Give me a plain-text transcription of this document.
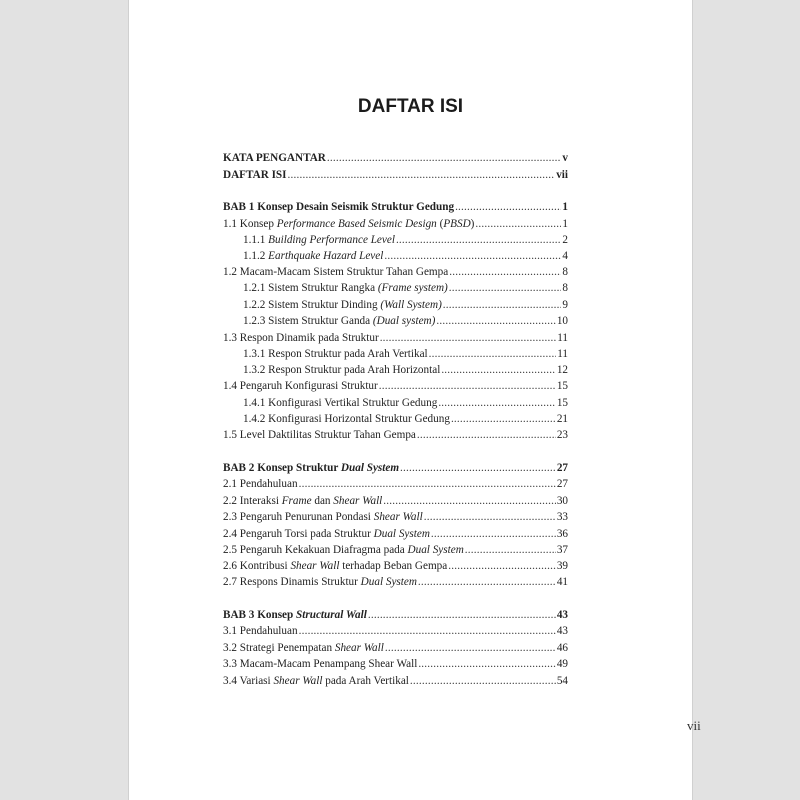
DAFTAR ISI
vii
KATA PENGANTAR .....	v
DAFTAR ISI .....	vii
BAB 1 Konsep Desain Seismik Struktur Gedung .....	1
1.1 Konsep Performance Based Seismic Design (PBSD) .....	1
1.1.1 Building Performance Level .....	2
1.1.2 Earthquake Hazard Level .....	4
1.2 Macam-Macam Sistem Struktur Tahan Gempa .....	8
1.2.1 Sistem Struktur Rangka (Frame system) .....	8
1.2.2 Sistem Struktur Dinding (Wall System) .....	9
1.2.3 Sistem Struktur Ganda (Dual system) .....	10
1.3 Respon Dinamik pada Struktur .....	11
1.3.1 Respon Struktur pada Arah Vertikal .....	11
1.3.2 Respon Struktur pada Arah Horizontal .....	12
1.4 Pengaruh Konfigurasi Struktur .....	15
1.4.1 Konfigurasi Vertikal Struktur Gedung .....	15
1.4.2 Konfigurasi Horizontal Struktur Gedung .....	21
1.5 Level Daktilitas Struktur Tahan Gempa .....	23
BAB 2 Konsep Struktur Dual System .....	27
2.1 Pendahuluan .....	27
2.2 Interaksi Frame dan Shear Wall .....	30
2.3 Pengaruh Penurunan Pondasi Shear Wall .....	33
2.4 Pengaruh Torsi pada Struktur Dual System .....	36
2.5 Pengaruh Kekakuan Diafragma pada Dual System .....	37
2.6 Kontribusi Shear Wall terhadap Beban Gempa .....	39
2.7 Respons Dinamis Struktur Dual System .....	41
BAB 3 Konsep Structural Wall .....	43
3.1 Pendahuluan .....	43
3.2 Strategi Penempatan Shear Wall .....	46
3.3 Macam-Macam Penampang Shear Wall .....	49
3.4 Variasi Shear Wall pada Arah Vertikal .....	54
